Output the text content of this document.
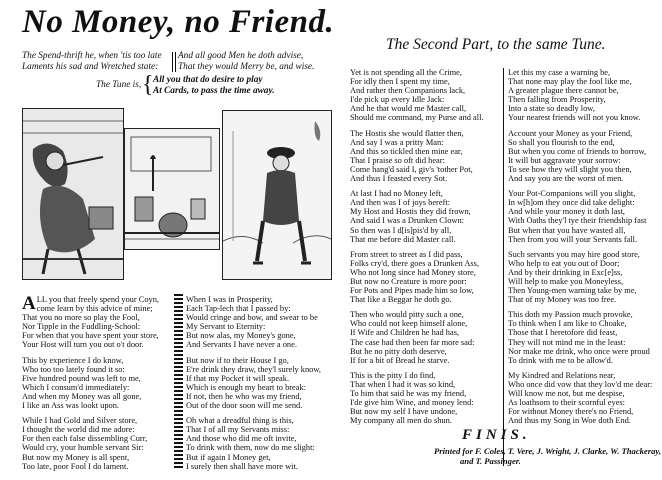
No Money, no Friend.
The Spend-thrift he, when 'tis too late
Laments his sad and Wretched state:
And all good Men he doth advise,
That they would Merry be, and wise.
The Tune is, { All you that do desire to play
At Cards, to pass the time away.

A LL you that freely spend your Coyn,
come learn by this advice of mine;
That you no more so play the Fool,
Nor Tipple in the Fuddling-School:
For when that you have spent your store,
Your Host will turn you out o't door.

This by experience I do know,
Who too too lately found it so:
Five hundred pound was left to me,
Which I consum'd immediately:
And when my Money was all gone,
I like an Ass was lookt upon.

While I had Gold and Silver store,
I thought the world did me adore:
For then each false dissembling Curr,
Would cry, your humble servant Sir:
But now my Money is all spent,
Too late, poor Fool I do lament.

When I was in Prosperity,
Each Tap-lech that I passed by:
Would cringe and bow, and swear to be
My Servant to Eternity:
But now alas, my Money's gone,
And Servants I have never a one.

But now if to their House I go,
E're drink they draw, they'l surely know,
If that my Pocket it will speak.
Which is enough my heart to break:
If not, then he who was my friend,
Out of the door soon will me send.

Oh what a dreadful thing is this,
That I of all my Servants miss:
And those who did me oft invite,
To drink with them, now do me slight:
But if again I Money get,
I surely then shall have more wit.

The Second Part, to the same Tune.

Yet is not spending all the Crime,
For idly then I spent my time,
And rather then Companions lack,
I'de pick up every Idle Jack:
And he that would me Master call,
Should me command, my Purse and all.

The Hostis she would flatter then,
And say I was a pritty Man:
And this so tickled then mine ear,
That I praise so oft did hear:
Come hang'd said I, giv's 'tother Pot,
And thus I feasted every Sot.

At last I had no Money left,
And then was I of joys bereft:
My Host and Hostis they did frown,
And said I was a Drunken Clown:
So then was I d[is]pis'd by all,
That me before did Master call.

From street to street as I did pass,
Folks cry'd, there goes a Drunken Ass,
Who not long since had Money store,
But now no Creature is more poor:
For Pots and Pipes made him so low,
That like a Beggar he doth go.

Then who would pitty such a one,
Who could not keep himself alone,
If Wife and Children he had has,
The case had then been far more sad:
But he no pitty doth deserve,
If for a bit of Bread he starve.

This is the pitty I do find,
That when I had it was so kind,
To him that said he was my friend,
I'de give him Wine, and money lend:
But now my self I have undone,
My company all men do shun.

Let this my case a warning be,
That none may play the fool like me,
A greater plague there cannot be,
Then falling from Prosperity,
Into a state so deadly low,
Your nearest friends will not you know.

Account your Money as your Friend,
So shall you flourish to the end,
But when you come of friends to borrow,
It will but aggravate your sorrow:
To see how they will slight you then,
And say you are the worst of men.

Your Pot-Companions will you slight,
In w[h]om they once did take delight:
And while your money it doth last,
With Oaths they'l tye their friendship fast
But when that you have wasted all,
Then from you will your Servants fall.

Such servants you may hire good store,
Who help to eat you out of Door;
And by their drinking in Exc[e]ss,
Will help to make you Moneyless,
Then Young-men warning take by me,
That of my Money was too free.

This doth my Passion much provoke,
To think when I am like to Choake,
Those that I heretofore did feast,
They will not mind me in the least:
Nor make me drink, who once were proud
To drink with me to be allow'd.

My Kindred and Relations near,
Who once did vow that they lov'd me dear:
Will know me not, but me despise,
As loathsom to their scornful eyes:
For without Money there's no Friend,
And thus my Song in Woe doth End.

FINIS.
Printed for F. Coles, T. Vere, J. Wright, J. Clarke, W. Thackeray,
and T. Passinger.
